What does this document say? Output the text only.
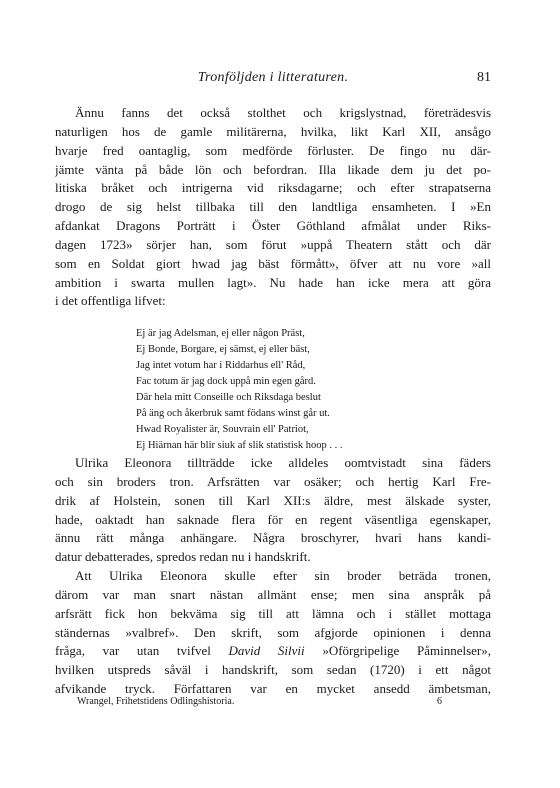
Tronföljden i litteraturen.	81
Ännu fanns det också stolthet och krigslystnad, företrädesvis
naturligen hos de gamle militärerna, hvilka, likt Karl XII, ansågo
hvarje fred oantaglig, som medförde förluster. De fingo nu där-
jämte vänta på både lön och befordran. Illa likade dem ju det po-
litiska bråket och intrigerna vid riksdagarne; och efter strapatserna
drogo de sig helst tillbaka till den landtliga ensamheten. I »En
afdankat Dragons Porträtt i Öster Göthland afmålat under Riks-
dagen 1723» sörjer han, som förut »uppå Theatern stått och där
som en Soldat giort hwad jag bäst förmått», öfver att nu vore »all
ambition i swarta mullen lagt». Nu hade han icke mera att göra
i det offentliga lifvet:
Ej är jag Adelsman, ej eller någon Präst,
Ej Bonde, Borgare, ej sämst, ej eller bäst,
Jag intet votum har i Riddarhus ell' Råd,
Fac totum är jag dock uppå min egen gård.
Där hela mitt Conseille och Riksdaga beslut
På äng och åkerbruk samt födans winst går ut.
Hwad Royalister är, Souvrain ell' Patriot,
Ej Hiärnan här blir siuk af slik statistisk hoop . . .
Ulrika Eleonora tillträdde icke alldeles oomtvistadt sina fäders
och sin broders tron. Arfsrätten var osäker; och hertig Karl Fre-
drik af Holstein, sonen till Karl XII:s äldre, mest älskade syster,
hade, oaktadt han saknade flera för en regent väsentliga egenskaper,
ännu rätt många anhängare. Några broschyrer, hvari hans kandi-
datur debatterades, spredos redan nu i handskrift.
Att Ulrika Eleonora skulle efter sin broder beträda tronen,
därom var man snart nästan allmänt ense; men sina anspråk på
arfsrätt fick hon bekväma sig till att lämna och i stället mottaga
ständernas »valbref». Den skrift, som afgjorde opinionen i denna
fråga, var utan tvifvel David Silvii »Oförgripelige Påminnelser»,
hvilken utspreds såväl i handskrift, som sedan (1720) i ett något
afvikande tryck. Författaren var en mycket ansedd ämbetsman,
Wrangel, Frihetstidens Odlingshistoria.	6
